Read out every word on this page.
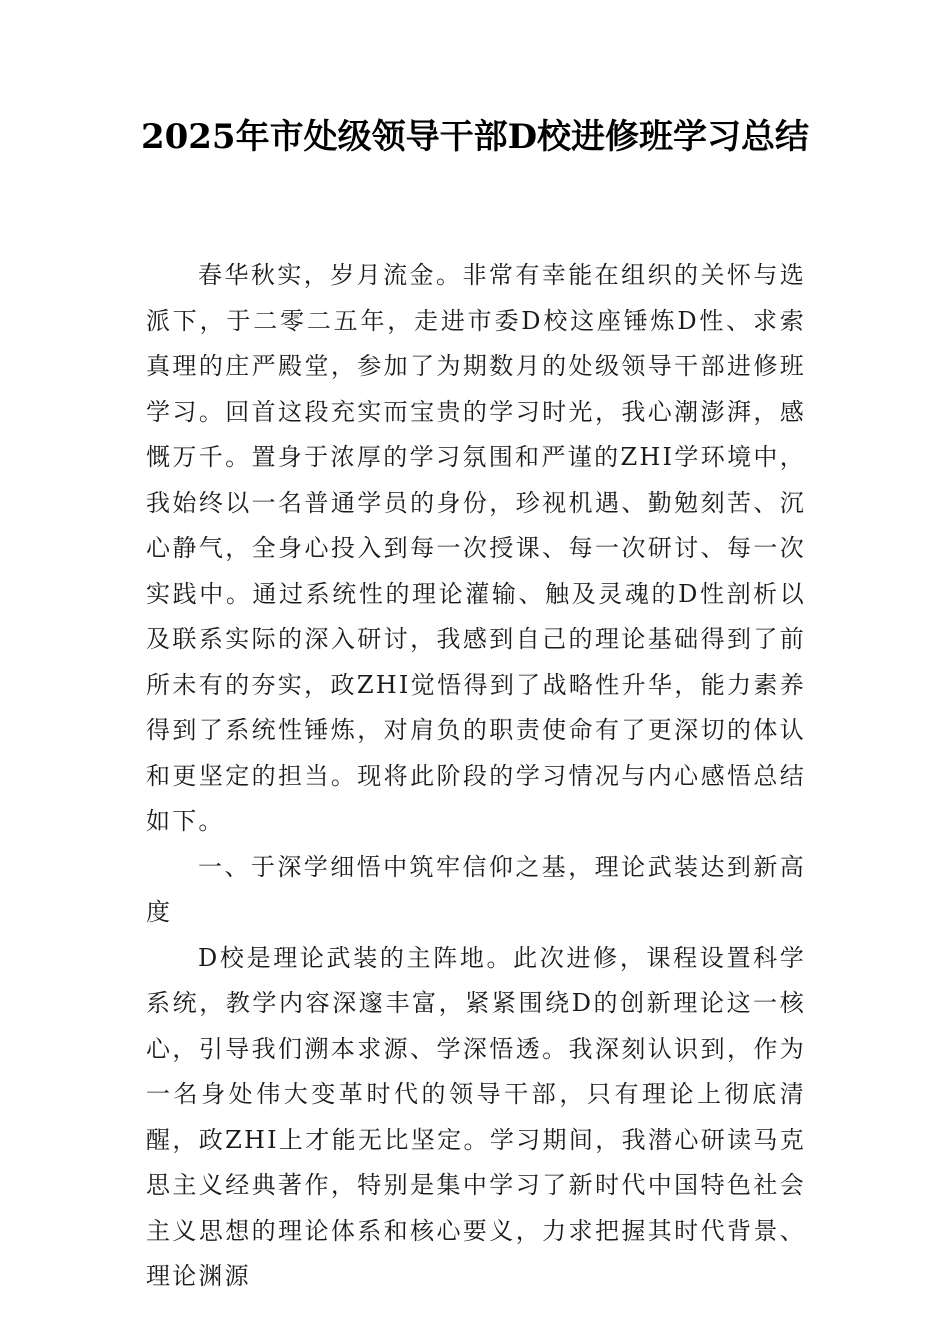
2025年市处级领导干部D校进修班学习总结

春华秋实，岁月流金。非常有幸能在组织的关怀与选派下，于二零二五年，走进市委D校这座锤炼D性、求索真理的庄严殿堂，参加了为期数月的处级领导干部进修班学习。回首这段充实而宝贵的学习时光，我心潮澎湃，感慨万千。置身于浓厚的学习氛围和严谨的ZHI学环境中，我始终以一名普通学员的身份，珍视机遇、勤勉刻苦、沉心静气，全身心投入到每一次授课、每一次研讨、每一次实践中。通过系统性的理论灌输、触及灵魂的D性剖析以及联系实际的深入研讨，我感到自己的理论基础得到了前所未有的夯实，政ZHI觉悟得到了战略性升华，能力素养得到了系统性锤炼，对肩负的职责使命有了更深切的体认和更坚定的担当。现将此阶段的学习情况与内心感悟总结如下。

一、于深学细悟中筑牢信仰之基，理论武装达到新高度

D校是理论武装的主阵地。此次进修，课程设置科学系统，教学内容深邃丰富，紧紧围绕D的创新理论这一核心，引导我们溯本求源、学深悟透。我深刻认识到，作为一名身处伟大变革时代的领导干部，只有理论上彻底清醒，政ZHI上才能无比坚定。学习期间，我潜心研读马克思主义经典著作，特别是集中学习了新时代中国特色社会主义思想的理论体系和核心要义，力求把握其时代背景、理论渊源
